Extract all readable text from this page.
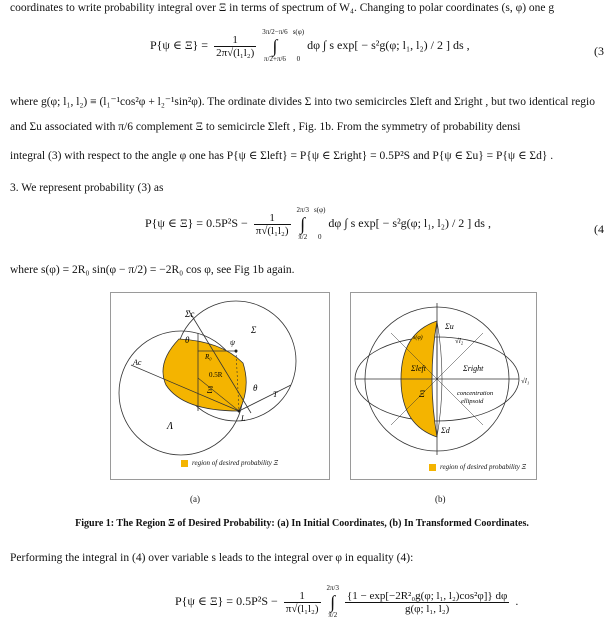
coordinates to write probability integral over Ξ in terms of spectrum of W₄. Changing to polar coordinates (s, φ) one g
P{ψ ∈ $\Xi\} = \frac{1}{\text{2π√(l₁l₂)}}$
3π/2−π/6
∫
π/2+π/6 s(φ)

0 dφ ∫ s exp[ − s²g(φ; l₁, l₂) / 2 ] ds ,	(3
where g(φ; l₁, l₂) ≡ (l₁⁻¹cos²φ + l₂⁻¹sin²φ). The ordinate divides Σ into two semicircles Σleft and Σright , but two identical regio
and Σu associated with π/6 complement Ξ to semicircle Σleft , Fig. 1b. From the symmetry of probability densi
integral (3) with respect to the angle φ one has P{ψ ∈ Σleft} = P{ψ ∈ Σright} = 0.5P²S and P{ψ ∈ Σu} = P{ψ ∈ Σd} .
3. We represent probability (3) as
P{ψ ∈ $\Xi\} = 0.5P^2S - \frac{1}{\text{π√(l₁l₂)}}$
2π/3
∫
π/2 s(φ)

0 dφ ∫ s exp[ − s²g(φ; l₁, l₂) / 2 ] ds ,	(4
where s(φ) = 2R₀ sin(φ − π/2) = −2R₀ cos φ, see Fig 1b again.
Σc
Σ
θ
R₀
ψ
Ac
0.5R
Ξ	θ
T
L
Λ
region of desired probability Ξ
(a)
Σu
s(φ)	√l₂
Σleft	Σright
Ξ	concentration
ellipsoid
√l₁
Σd
region of desired probability Ξ
(b)
Figure 1: The Region Ξ of Desired Probability: (a) In Initial Coordinates, (b) In Transformed Coordinates.
Performing the integral in (4) over variable s leads to the integral over φ in equality (4):
P{ψ ∈ $\Xi\} = 0.5P^2S - \frac{1}{\text{π√(l₁l₂)}}$
2π/3
∫
π/2
$\frac{\text{\{1 − exp[−2R²₀g(φ; l₁, l₂)cos²φ]\} dφ}}{\text{g(φ; l₁, l₂)}}$ .
